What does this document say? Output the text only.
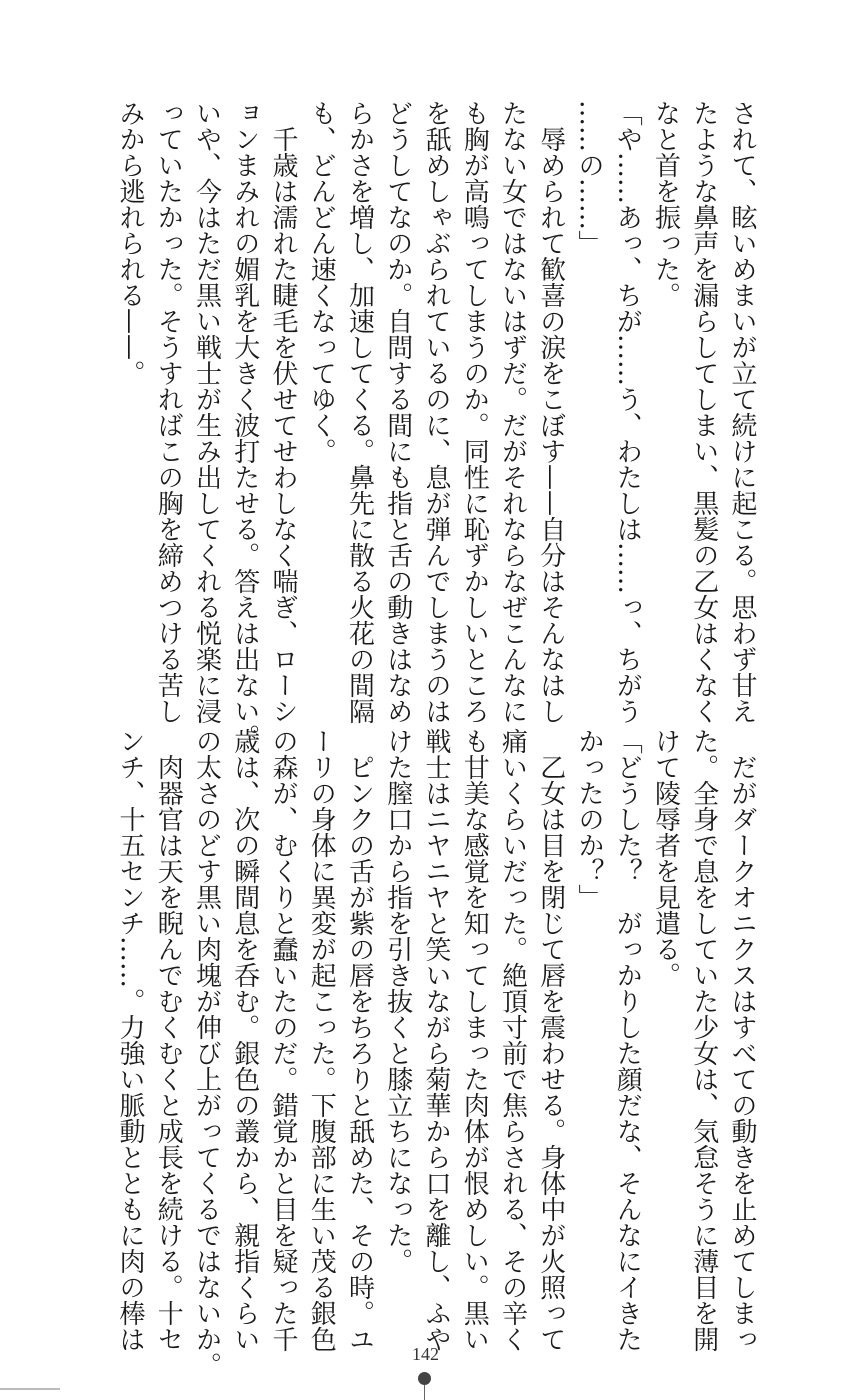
されて、眩いめまいが立て続けに起こる。思わず甘え
たような鼻声を漏らしてしまい、黒髪の乙女はくなく
なと首を振った。
「や……あっ、ちが……う、わたしは……っ、ちがう
……の……」
　辱められて歓喜の涙をこぼす——自分はそんなはし
たない女ではないはずだ。だがそれならなぜこんなに
も胸が高鳴ってしまうのか。同性に恥ずかしいところ
を舐めしゃぶられているのに、息が弾んでしまうのは
どうしてなのか。自問する間にも指と舌の動きはなめ
らかさを増し、加速してくる。鼻先に散る火花の間隔
も、どんどん速くなってゆく。
　千歳は濡れた睫毛を伏せてせわしなく喘ぎ、ローシ
ョンまみれの媚乳を大きく波打たせる。答えは出ない。
いや、今はただ黒い戦士が生み出してくれる悦楽に浸
っていたかった。そうすればこの胸を締めつける苦し
みから逃れられる——。
　だがダークオニクスはすべての動きを止めてしまっ
た。全身で息をしていた少女は、気怠そうに薄目を開
けて陵辱者を見遣る。
「どうした？　がっかりした顔だな、そんなにイきた
かったのか？」
　乙女は目を閉じて唇を震わせる。身体中が火照って
痛いくらいだった。絶頂寸前で焦らされる、その辛く
も甘美な感覚を知ってしまった肉体が恨めしい。黒い
戦士はニヤニヤと笑いながら菊華から口を離し、ふや
けた膣口から指を引き抜くと膝立ちになった。
　ピンクの舌が紫の唇をちろりと舐めた、その時。ユ
ーリの身体に異変が起こった。下腹部に生い茂る銀色
の森が、むくりと蠢いたのだ。錯覚かと目を疑った千
歳は、次の瞬間息を呑む。銀色の叢から、親指くらい
の太さのどす黒い肉塊が伸び上がってくるではないか。
　肉器官は天を睨んでむくむくと成長を続ける。十セ
ンチ、十五センチ……。力強い脈動とともに肉の棒は
142
